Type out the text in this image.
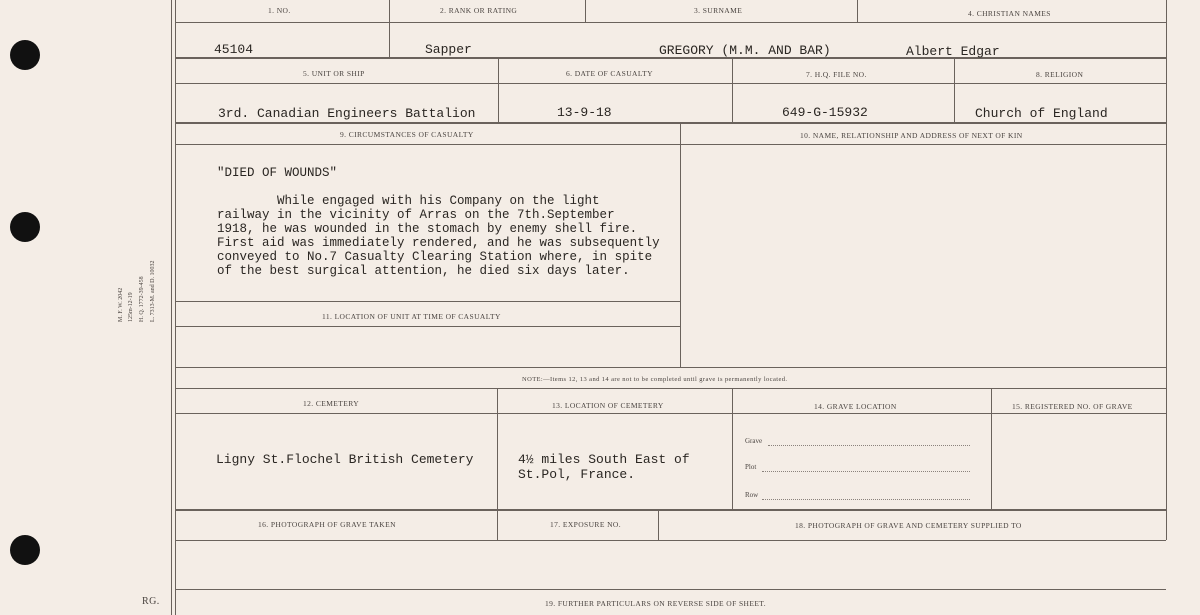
M. F. W. 2042 125m-12-19 H. Q. 1772-39-458 L. 7313-M. and D. 10032
RG.
1. NO.	2. RANK OR RATING	3. SURNAME	4. CHRISTIAN NAMES
45104	Sapper	GREGORY (M.M. AND BAR)	Albert Edgar
5. UNIT OR SHIP	6. DATE OF CASUALTY	7. H.Q. FILE NO.	8. RELIGION
3rd. Canadian Engineers Battalion	13-9-18	649-G-15932	Church of England
9. CIRCUMSTANCES OF CASUALTY	10. NAME, RELATIONSHIP AND ADDRESS OF NEXT OF KIN
11. LOCATION OF UNIT AT TIME OF CASUALTY
"DIED OF WOUNDS"
While engaged with his Company on the light
railway in the vicinity of Arras on the 7th.September
1918, he was wounded in the stomach by enemy shell fire.
First aid was immediately rendered, and he was subsequently
conveyed to No.7 Casualty Clearing Station where, in spite
of the best surgical attention, he died six days later.
NOTE:—Items 12, 13 and 14 are not to be completed until grave is permanently located.
12. CEMETERY	13. LOCATION OF CEMETERY	14. GRAVE LOCATION	15. REGISTERED NO. OF GRAVE
Ligny St.Flochel British Cemetery	4½ miles South East of
St.Pol, France.
Grave
Plot
Row
16. PHOTOGRAPH OF GRAVE TAKEN	17. EXPOSURE NO.	18. PHOTOGRAPH OF GRAVE AND CEMETERY SUPPLIED TO
19. FURTHER PARTICULARS ON REVERSE SIDE OF SHEET.
